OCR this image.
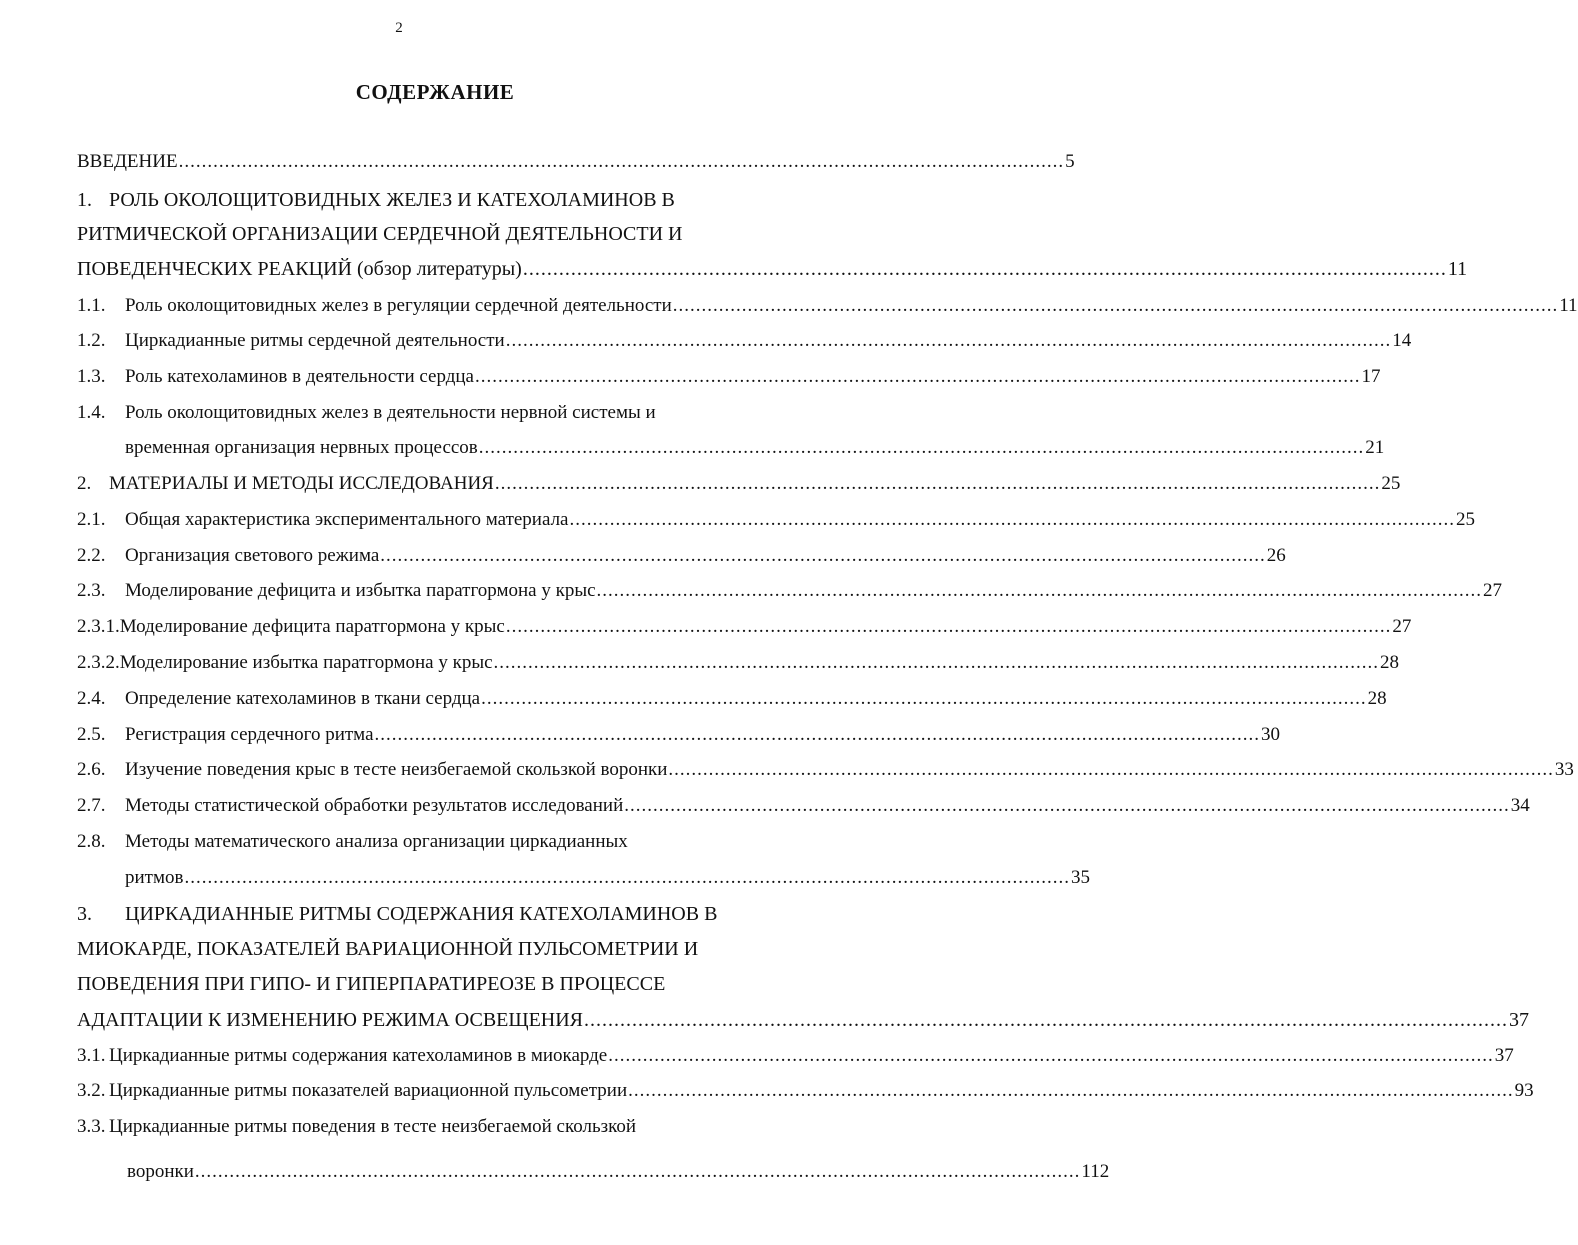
2
СОДЕРЖАНИЕ
ВВЕДЕНИЕ .....	5
1. РОЛЬ ОКОЛОЩИТОВИДНЫХ ЖЕЛЕЗ И КАТЕХОЛАМИНОВ В
РИТМИЧЕСКОЙ ОРГАНИЗАЦИИ СЕРДЕЧНОЙ ДЕЯТЕЛЬНОСТИ И
ПОВЕДЕНЧЕСКИХ РЕАКЦИЙ (обзор литературы) .....	11
1.1.	Роль околощитовидных желез в регуляции сердечной деятельности .....	11
1.2.	Циркадианные ритмы сердечной деятельности .....	14
1.3.	Роль катехоламинов в деятельности сердца .....	17
1.4.	Роль околощитовидных желез в деятельности нервной системы и
временная организация нервных процессов .....	21
2. МАТЕРИАЛЫ И МЕТОДЫ ИССЛЕДОВАНИЯ .....	25
2.1.	Общая характеристика экспериментального материала .....	25
2.2.	Организация светового режима .....	26
2.3.	Моделирование дефицита и избытка паратгормона у крыс .....	27
2.3.1. Моделирование дефицита паратгормона у крыс .....	27
2.3.2. Моделирование избытка паратгормона у крыс .....	28
2.4.	Определение катехоламинов в ткани сердца .....	28
2.5.	Регистрация сердечного ритма .....	30
2.6.	Изучение поведения крыс в тесте неизбегаемой скользкой воронки .....	33
2.7.	Методы статистической обработки результатов исследований .....	34
2.8.	Методы математического анализа организации циркадианных
ритмов .....	35
3.	ЦИРКАДИАННЫЕ РИТМЫ СОДЕРЖАНИЯ КАТЕХОЛАМИНОВ В
МИОКАРДЕ, ПОКАЗАТЕЛЕЙ ВАРИАЦИОННОЙ ПУЛЬСОМЕТРИИ И
ПОВЕДЕНИЯ ПРИ ГИПО- И ГИПЕРПАРАТИРЕОЗЕ В ПРОЦЕССЕ
АДАПТАЦИИ К ИЗМЕНЕНИЮ РЕЖИМА ОСВЕЩЕНИЯ .....	37
3.1. Циркадианные ритмы содержания катехоламинов в миокарде .....	37
3.2. Циркадианные ритмы показателей вариационной пульсометрии .....	93
3.3. Циркадианные ритмы поведения в тесте неизбегаемой скользкой
воронки .....	112
